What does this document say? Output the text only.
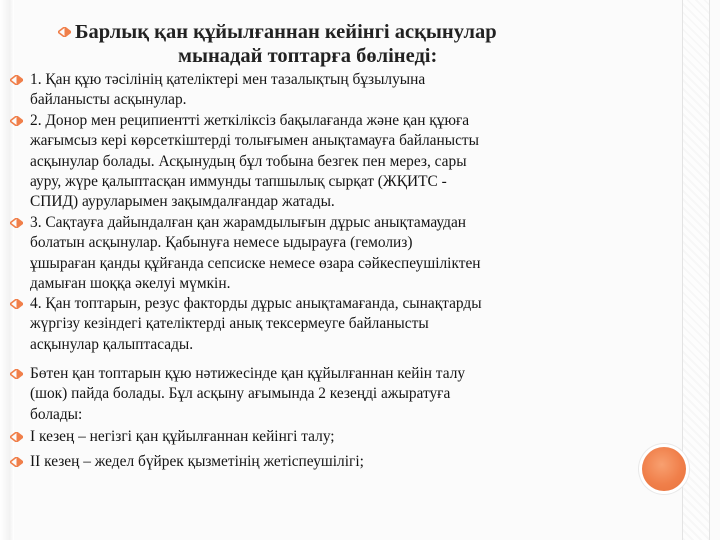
Барлық қан құйылғаннан кейінгі асқынулар
мынадай топтарға бөлінеді:
1. Қан құю тәсілінің қателіктері мен тазалықтың бұзылуына
байланысты асқынулар.
2. Донор мен реципиентті жеткіліксіз бақылағанда және қан құюға
жағымсыз кері көрсеткіштерді толығымен анықтамауға байланысты
асқынулар болады. Асқынудың бұл тобына безгек пен мерез, сары
ауру, жүре қалыптасқан иммунды тапшылық сырқат (ЖҚИТС -
СПИД) ауруларымен зақымдалғандар жатады.
3. Сақтауға дайындалған қан жарамдылығын дұрыс анықтамаудан
болатын асқынулар. Қабынуға немесе ыдырауға (гемолиз)
ұшыраған қанды құйғанда сепсиске немесе өзара сәйкеспеушіліктен
дамыған шоққа әкелуі мүмкін.
4. Қан топтарын, резус факторды дұрыс анықтамағанда, сынақтарды
жүргізу кезіндегі қателіктерді анық тексермеуге байланысты
асқынулар қалыптасады.
Бөтен қан топтарын құю нәтижесінде қан құйылғаннан кейін талу
(шок) пайда болады. Бұл асқыну ағымында 2 кезеңді ажыратуға
болады:
I кезең – негізгі қан құйылғаннан кейінгі талу;
II кезең – жедел бүйрек қызметінің жетіспеушілігі;
